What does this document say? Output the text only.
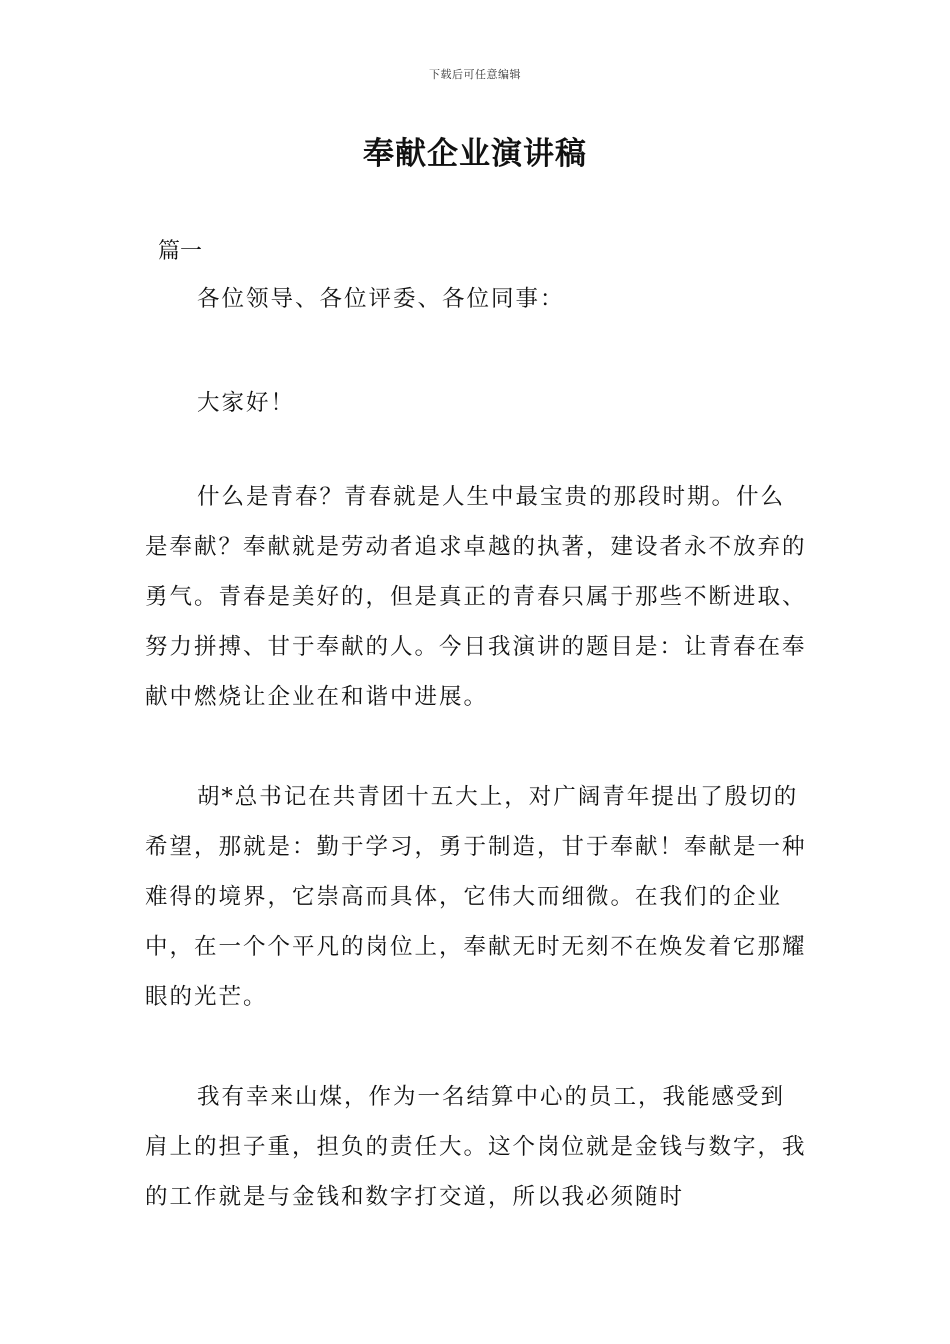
下载后可任意编辑
奉献企业演讲稿
篇一

各位领导、各位评委、各位同事：

大家好！

什么是青春？青春就是人生中最宝贵的那段时期。什么是奉献？奉献就是劳动者追求卓越的执著，建设者永不放弃的勇气。青春是美好的，但是真正的青春只属于那些不断进取、努力拼搏、甘于奉献的人。今日我演讲的题目是：让青春在奉献中燃烧让企业在和谐中进展。

胡*总书记在共青团十五大上，对广阔青年提出了殷切的希望，那就是：勤于学习，勇于制造，甘于奉献！奉献是一种难得的境界，它崇高而具体，它伟大而细微。在我们的企业中，在一个个平凡的岗位上，奉献无时无刻不在焕发着它那耀眼的光芒。

我有幸来山煤，作为一名结算中心的员工，我能感受到肩上的担子重，担负的责任大。这个岗位就是金钱与数字，我的工作就是与金钱和数字打交道，所以我必须随时
